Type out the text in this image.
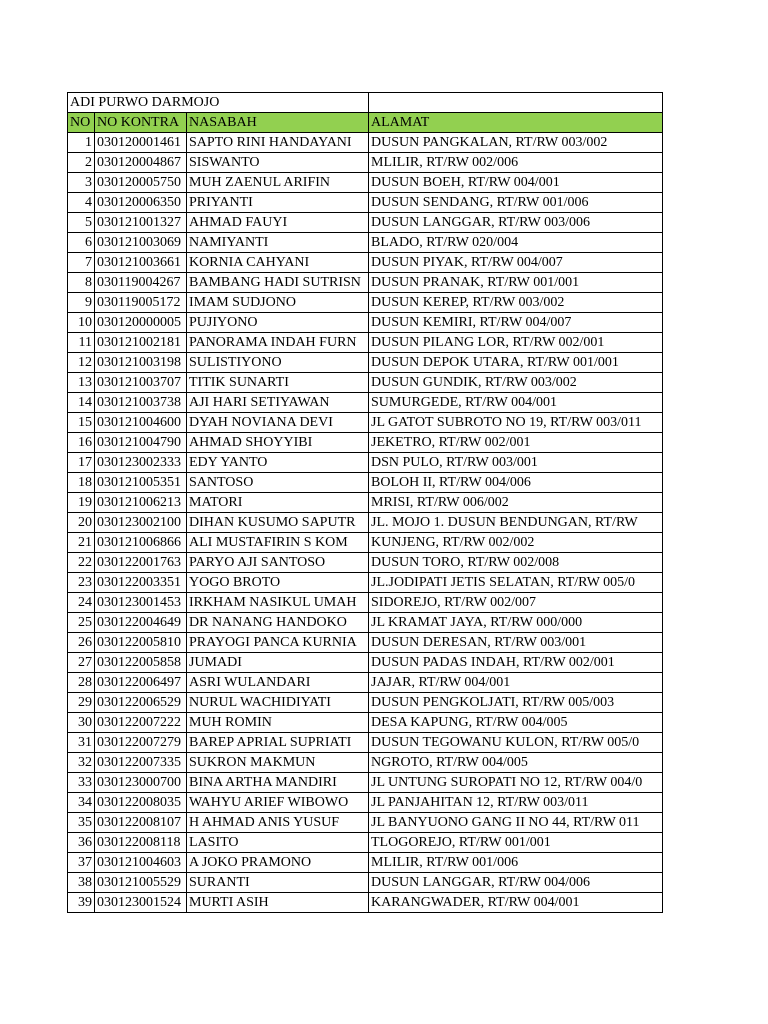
ADI PURWO DARMOJO			
NO	NO KONTRA	NASABAH	ALAMAT
1	030120001461	SAPTO RINI HANDAYANI	DUSUN PANGKALAN, RT/RW 003/002
2	030120004867	SISWANTO	MLILIR, RT/RW 002/006
3	030120005750	MUH ZAENUL ARIFIN	DUSUN BOEH, RT/RW 004/001
4	030120006350	PRIYANTI	DUSUN SENDANG, RT/RW 001/006
5	030121001327	AHMAD FAUYI	DUSUN LANGGAR, RT/RW 003/006
6	030121003069	NAMIYANTI	BLADO, RT/RW 020/004
7	030121003661	KORNIA CAHYANI	DUSUN PIYAK, RT/RW 004/007
8	030119004267	BAMBANG HADI SUTRISN	DUSUN PRANAK, RT/RW 001/001
9	030119005172	IMAM SUDJONO	DUSUN KEREP, RT/RW 003/002
10	030120000005	PUJIYONO	DUSUN KEMIRI, RT/RW 004/007
11	030121002181	PANORAMA INDAH FURN	DUSUN PILANG LOR, RT/RW 002/001
12	030121003198	SULISTIYONO	DUSUN DEPOK UTARA, RT/RW 001/001
13	030121003707	TITIK SUNARTI	DUSUN GUNDIK, RT/RW 003/002
14	030121003738	AJI HARI SETIYAWAN	SUMURGEDE, RT/RW 004/001
15	030121004600	DYAH NOVIANA DEVI	JL GATOT SUBROTO NO 19, RT/RW 003/011
16	030121004790	AHMAD SHOYYIBI	JEKETRO, RT/RW 002/001
17	030123002333	EDY YANTO	DSN PULO, RT/RW 003/001
18	030121005351	SANTOSO	BOLOH II, RT/RW 004/006
19	030121006213	MATORI	MRISI, RT/RW 006/002
20	030123002100	DIHAN KUSUMO SAPUTR	JL. MOJO 1. DUSUN BENDUNGAN, RT/RW
21	030121006866	ALI MUSTAFIRIN S KOM	KUNJENG, RT/RW 002/002
22	030122001763	PARYO AJI SANTOSO	DUSUN TORO, RT/RW 002/008
23	030122003351	YOGO BROTO	JL.JODIPATI JETIS SELATAN, RT/RW 005/0
24	030123001453	IRKHAM NASIKUL UMAH	SIDOREJO, RT/RW 002/007
25	030122004649	DR NANANG HANDOKO	JL KRAMAT JAYA, RT/RW 000/000
26	030122005810	PRAYOGI PANCA KURNIA	DUSUN DERESAN, RT/RW 003/001
27	030122005858	JUMADI	DUSUN PADAS INDAH, RT/RW 002/001
28	030122006497	ASRI WULANDARI	JAJAR, RT/RW 004/001
29	030122006529	NURUL WACHIDIYATI	DUSUN PENGKOLJATI, RT/RW 005/003
30	030122007222	MUH ROMIN	DESA KAPUNG, RT/RW 004/005
31	030122007279	BAREP APRIAL SUPRIATI	DUSUN TEGOWANU KULON, RT/RW 005/0
32	030122007335	SUKRON MAKMUN	NGROTO, RT/RW 004/005
33	030123000700	BINA ARTHA MANDIRI	JL UNTUNG SUROPATI NO 12, RT/RW 004/0
34	030122008035	WAHYU ARIEF WIBOWO	JL PANJAHITAN 12, RT/RW 003/011
35	030122008107	H AHMAD ANIS YUSUF	JL BANYUONO GANG II NO 44, RT/RW 011
36	030122008118	LASITO	TLOGOREJO, RT/RW 001/001
37	030121004603	A JOKO PRAMONO	MLILIR, RT/RW 001/006
38	030121005529	SURANTI	DUSUN LANGGAR, RT/RW 004/006
39	030123001524	MURTI ASIH	KARANGWADER, RT/RW 004/001
